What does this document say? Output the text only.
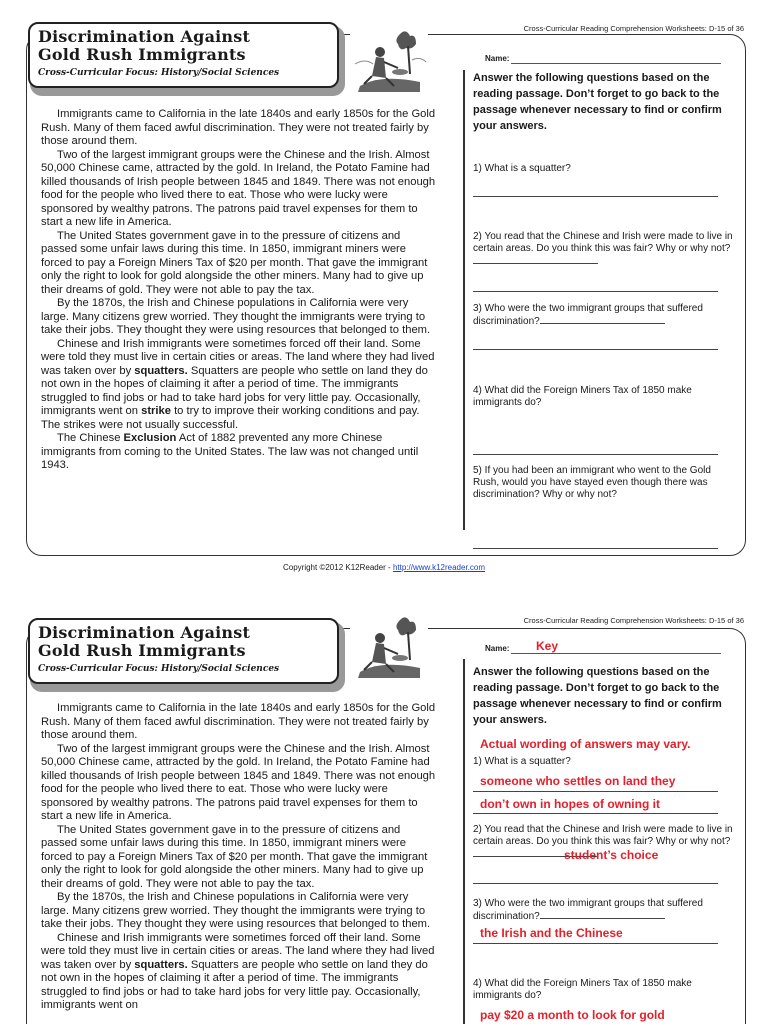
Cross-Curricular Reading Comprehension Worksheets: D-15 of 36
Discrimination Against
Gold Rush Immigrants
Cross-Curricular Focus: History/Social Sciences

Immigrants came to California in the late 1840s and early 1850s for the Gold Rush. Many of them faced awful discrimination. They were not treated fairly by those around them.

Two of the largest immigrant groups were the Chinese and the Irish. Almost 50,000 Chinese came, attracted by the gold. In Ireland, the Potato Famine had killed thousands of Irish people between 1845 and 1849. There was not enough food for the people who lived there to eat. Those who were lucky were sponsored by wealthy patrons. The patrons paid travel expenses for them to start a new life in America.

The United States government gave in to the pressure of citizens and passed some unfair laws during this time. In 1850, immigrant miners were forced to pay a Foreign Miners Tax of $20 per month. That gave the immigrant only the right to look for gold alongside the other miners. Many had to give up their dreams of gold. They were not able to pay the tax.

By the 1870s, the Irish and Chinese populations in California were very large. Many citizens grew worried. They thought the immigrants were trying to take their jobs. They thought they were using resources that belonged to them.

Chinese and Irish immigrants were sometimes forced off their land. Some were told they must live in certain cities or areas. The land where they had lived was taken over by squatters. Squatters are people who settle on land they do not own in the hopes of claiming it after a period of time. The immigrants struggled to find jobs or had to take hard jobs for very little pay. Occasionally, immigrants went on strike to try to improve their working conditions and pay. The strikes were not usually successful.

The Chinese Exclusion Act of 1882 prevented any more Chinese immigrants from coming to the United States. The law was not changed until 1943.

Name:
Answer the following questions based on the reading passage. Don’t forget to go back to the passage whenever necessary to find or confirm your answers.
1) What is a squatter?
2) You read that the Chinese and Irish were made to live in certain areas. Do you think this was fair? Why or why not?
3) Who were the two immigrant groups that suffered discrimination?
4) What did the Foreign Miners Tax of 1850 make immigrants do?
5) If you had been an immigrant who went to the Gold Rush, would you have stayed even though there was discrimination? Why or why not?
Copyright ©2012 K12Reader - http://www.k12reader.com
Cross-Curricular Reading Comprehension Worksheets: D-15 of 36
Discrimination Against
Gold Rush Immigrants
Cross-Curricular Focus: History/Social Sciences

Immigrants came to California in the late 1840s and early 1850s for the Gold Rush. Many of them faced awful discrimination. They were not treated fairly by those around them.

Two of the largest immigrant groups were the Chinese and the Irish. Almost 50,000 Chinese came, attracted by the gold. In Ireland, the Potato Famine had killed thousands of Irish people between 1845 and 1849. There was not enough food for the people who lived there to eat. Those who were lucky were sponsored by wealthy patrons. The patrons paid travel expenses for them to start a new life in America.

The United States government gave in to the pressure of citizens and passed some unfair laws during this time. In 1850, immigrant miners were forced to pay a Foreign Miners Tax of $20 per month. That gave the immigrant only the right to look for gold alongside the other miners. Many had to give up their dreams of gold. They were not able to pay the tax.

By the 1870s, the Irish and Chinese populations in California were very large. Many citizens grew worried. They thought the immigrants were trying to take their jobs. They thought they were using resources that belonged to them.

Chinese and Irish immigrants were sometimes forced off their land. Some were told they must live in certain cities or areas. The land where they had lived was taken over by squatters. Squatters are people who settle on land they do not own in the hopes of claiming it after a period of time. The immigrants struggled to find jobs or had to take hard jobs for very little pay. Occasionally, immigrants went on

Name: Key
Answer the following questions based on the reading passage. Don’t forget to go back to the passage whenever necessary to find or confirm your answers.
Actual wording of answers may vary.
1) What is a squatter?
someone who settles on land they
don’t own in hopes of owning it
2) You read that the Chinese and Irish were made to live in certain areas. Do you think this was fair? Why or why not?
student’s choice
3) Who were the two immigrant groups that suffered discrimination?
the Irish and the Chinese
4) What did the Foreign Miners Tax of 1850 make immigrants do?
pay $20 a month to look for gold
